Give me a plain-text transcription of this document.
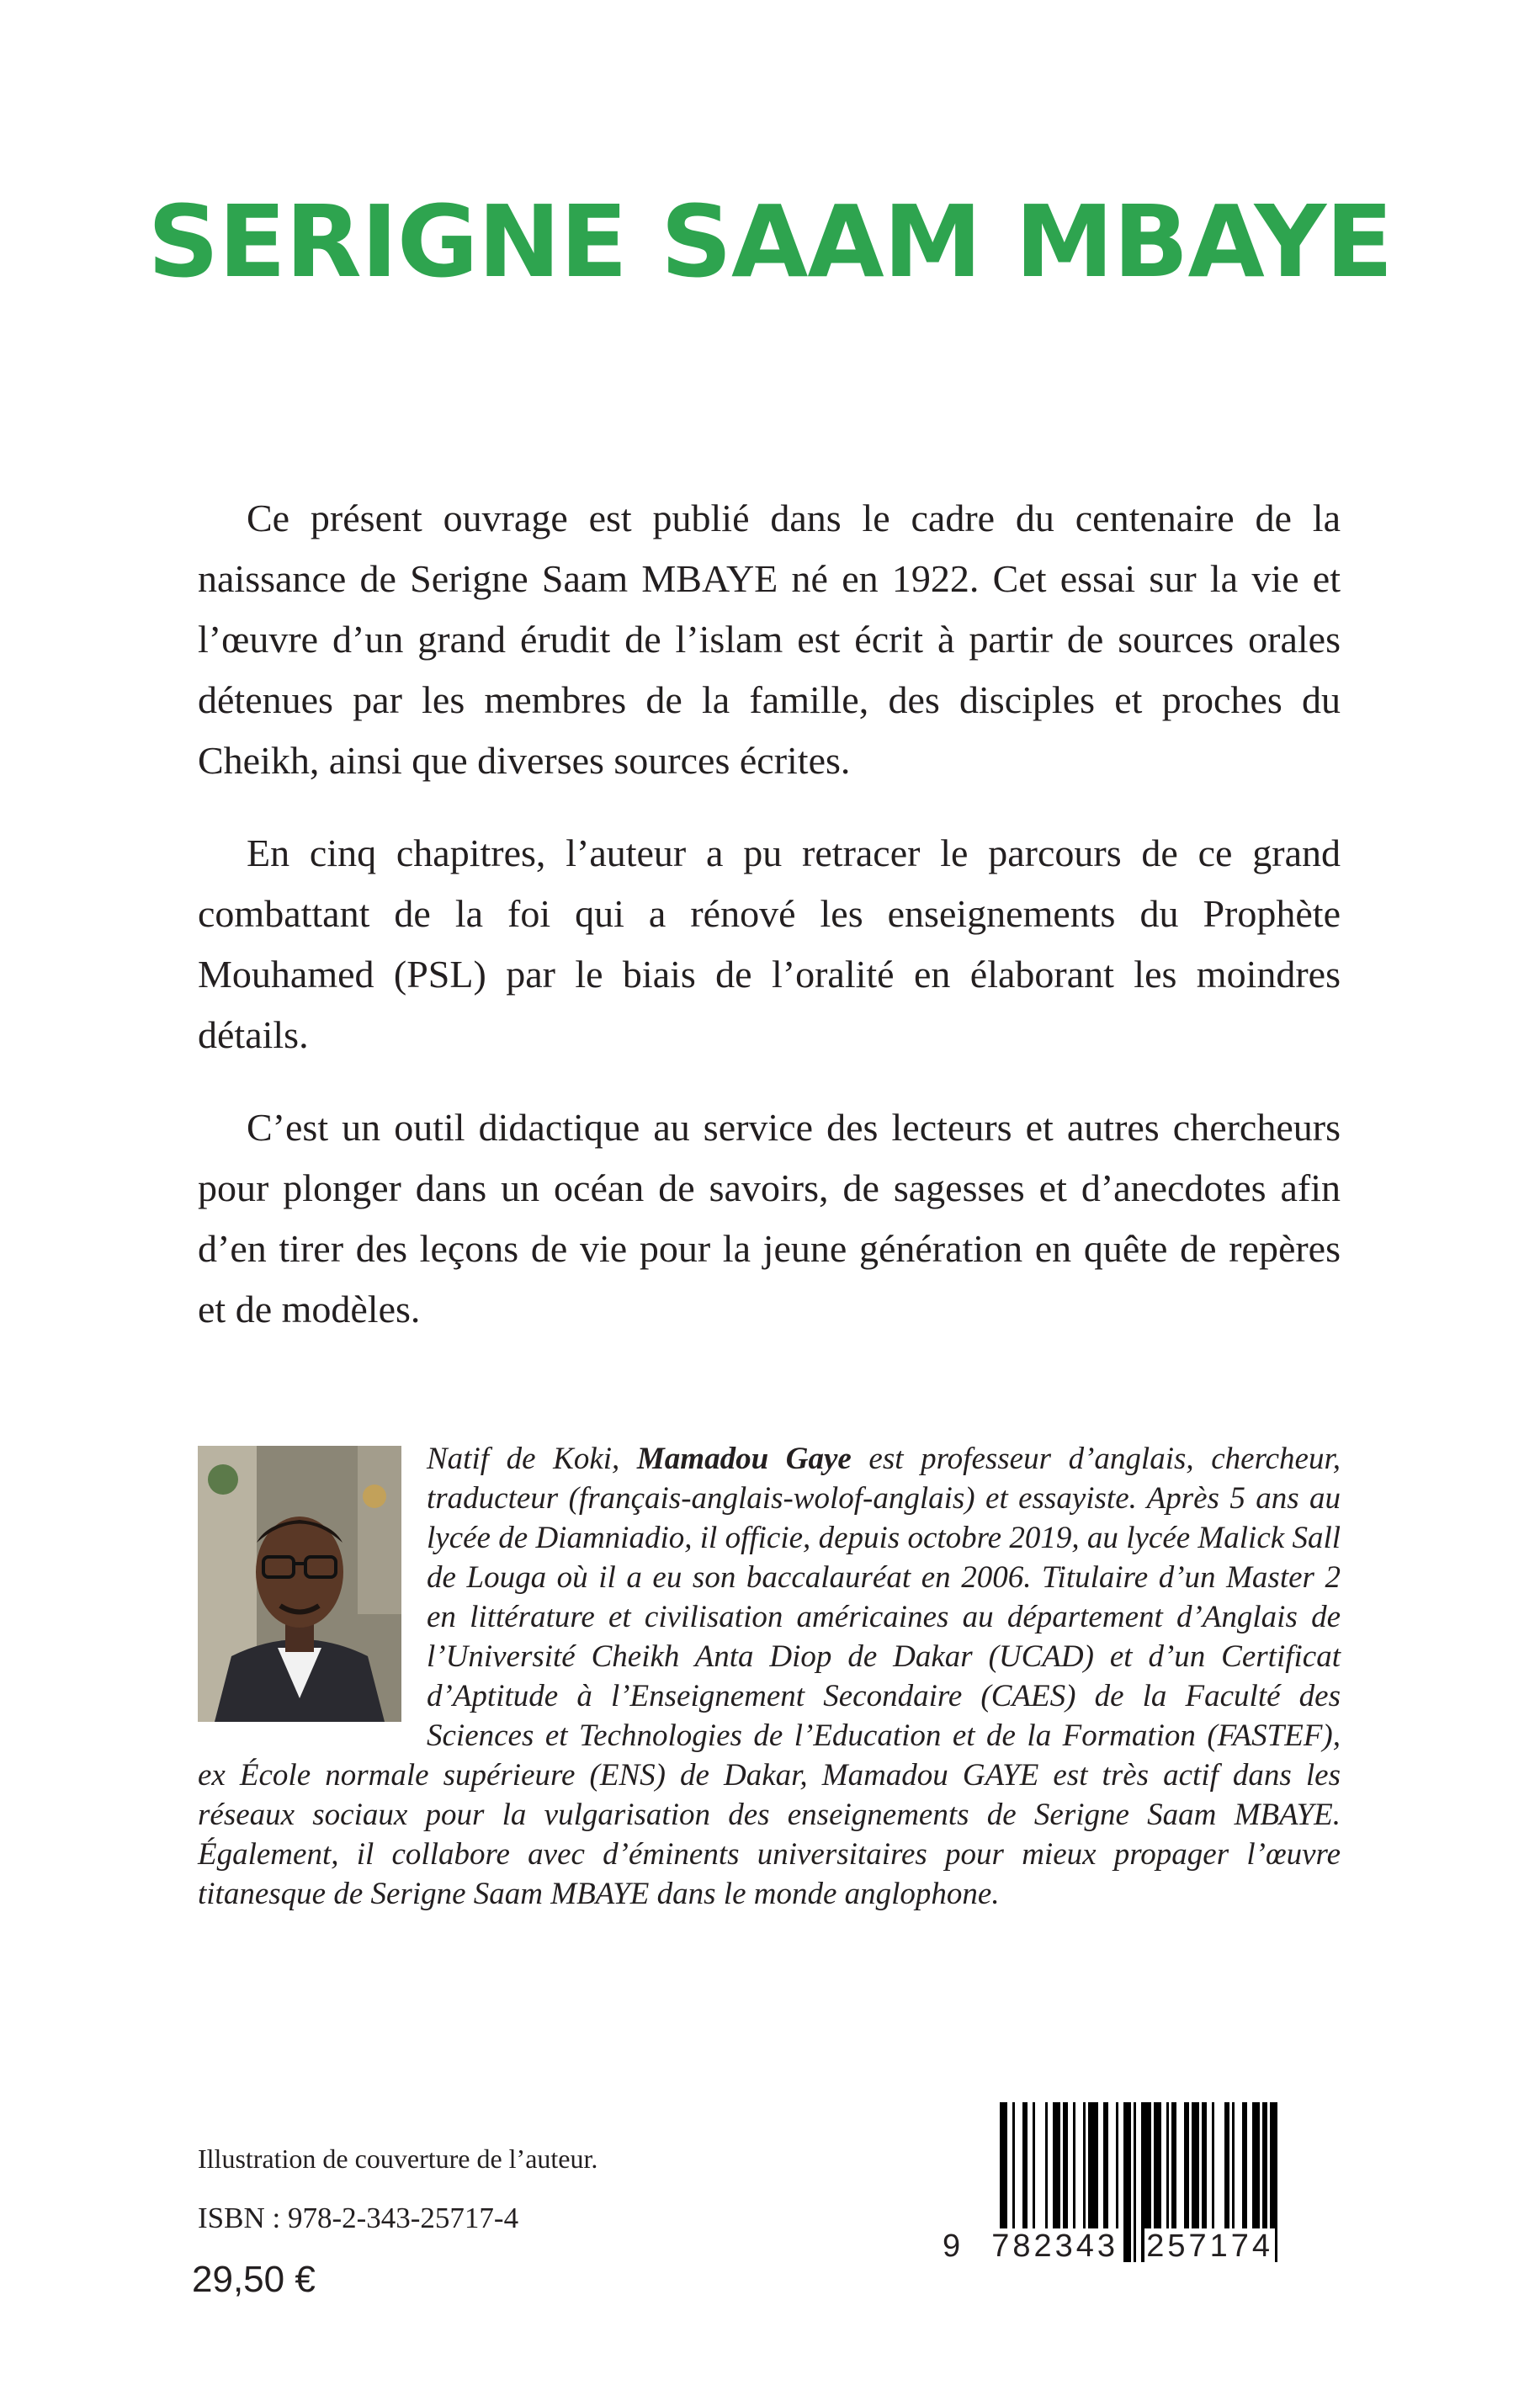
SERIGNE SAAM MBAYE

Ce présent ouvrage est publié dans le cadre du centenaire de la naissance de Serigne Saam MBAYE né en 1922. Cet essai sur la vie et l’œuvre d’un grand érudit de l’islam est écrit à partir de sources orales détenues par les membres de la famille, des disciples et proches du Cheikh, ainsi que diverses sources écrites.

En cinq chapitres, l’auteur a pu retracer le parcours de ce grand combattant de la foi qui a rénové les enseignements du Prophète Mouhamed (PSL) par le biais de l’oralité en élaborant les moindres détails.

C’est un outil didactique au service des lecteurs et autres chercheurs pour plonger dans un océan de savoirs, de sagesses et d’anecdotes afin d’en tirer des leçons de vie pour la jeune génération en quête de repères et de modèles.

Natif de Koki, Mamadou Gaye est professeur d’anglais, chercheur, traducteur (français-anglais-wolof-anglais) et essayiste. Après 5 ans au lycée de Diamniadio, il officie, depuis octobre 2019, au lycée Malick Sall de Louga où il a eu son baccalauréat en 2006. Titulaire d’un Master 2 en littérature et civilisation américaines au département d’Anglais de l’Université Cheikh Anta Diop de Dakar (UCAD) et d’un Certificat d’Aptitude à l’Enseignement Secondaire (CAES) de la Faculté des Sciences et Technologies de l’Education et de la Formation (FASTEF), ex École normale supérieure (ENS) de Dakar, Mamadou GAYE est très actif dans les réseaux sociaux pour la vulgarisation des enseignements de Serigne Saam MBAYE. Également, il collabore avec d’éminents universitaires pour mieux propager l’œuvre titanesque de Serigne Saam MBAYE dans le monde anglophone.

Illustration de couverture de l’auteur.
ISBN : 978-2-343-25717-4
29,50 €
9 782343 257174
